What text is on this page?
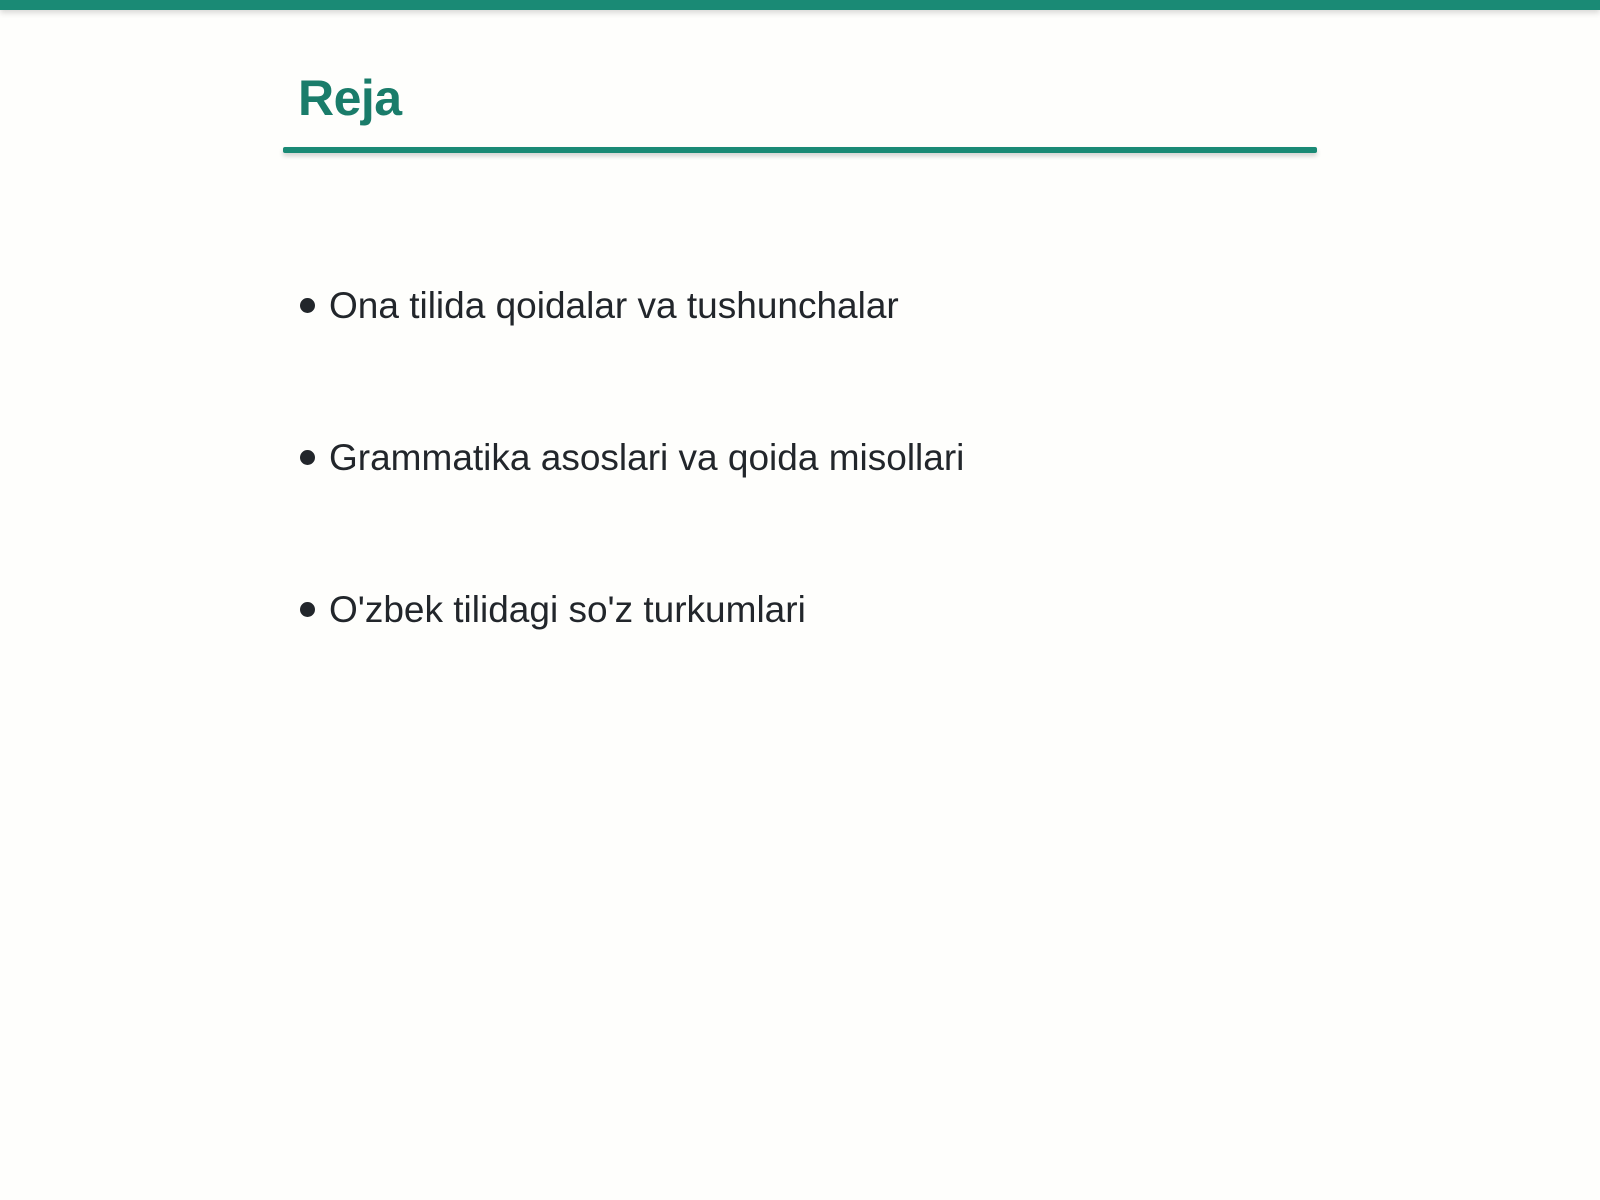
Reja
Ona tilida qoidalar va tushunchalar
Grammatika asoslari va qoida misollari
O'zbek tilidagi so'z turkumlari
